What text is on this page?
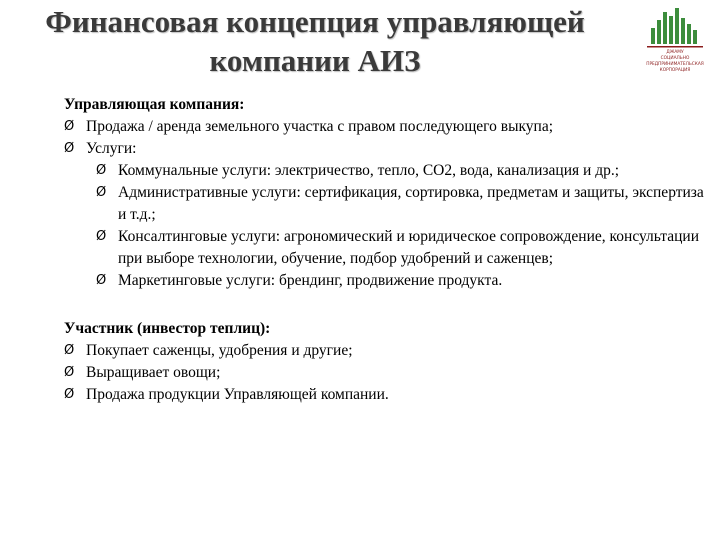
Финансовая концепция управляющей
компании АИЗ	ДЖАМУ
СОЦИАЛЬНО
ПРЕДПРИНИМАТЕЛЬСКАЯ
КОРПОРАЦИЯ

Управляющая компания:

Ø Продажа / аренда земельного участка с правом последующего выкупа;

Ø Услуги:

Ø Коммунальные услуги: электричество, тепло, СО2, вода, канализация и др.;

Ø Административные услуги: сертификация, сортировка, предметам и защиты, экспертиза и т.д.;

Ø Консалтинговые услуги: агрономический и юридическое сопровождение, консультации при выборе технологии, обучение, подбор удобрений и саженцев;

Ø Маркетинговые услуги: брендинг, продвижение продукта.

Участник (инвестор теплиц):

Ø Покупает саженцы, удобрения и другие;

Ø Выращивает овощи;

Ø Продажа продукции Управляющей компании.
